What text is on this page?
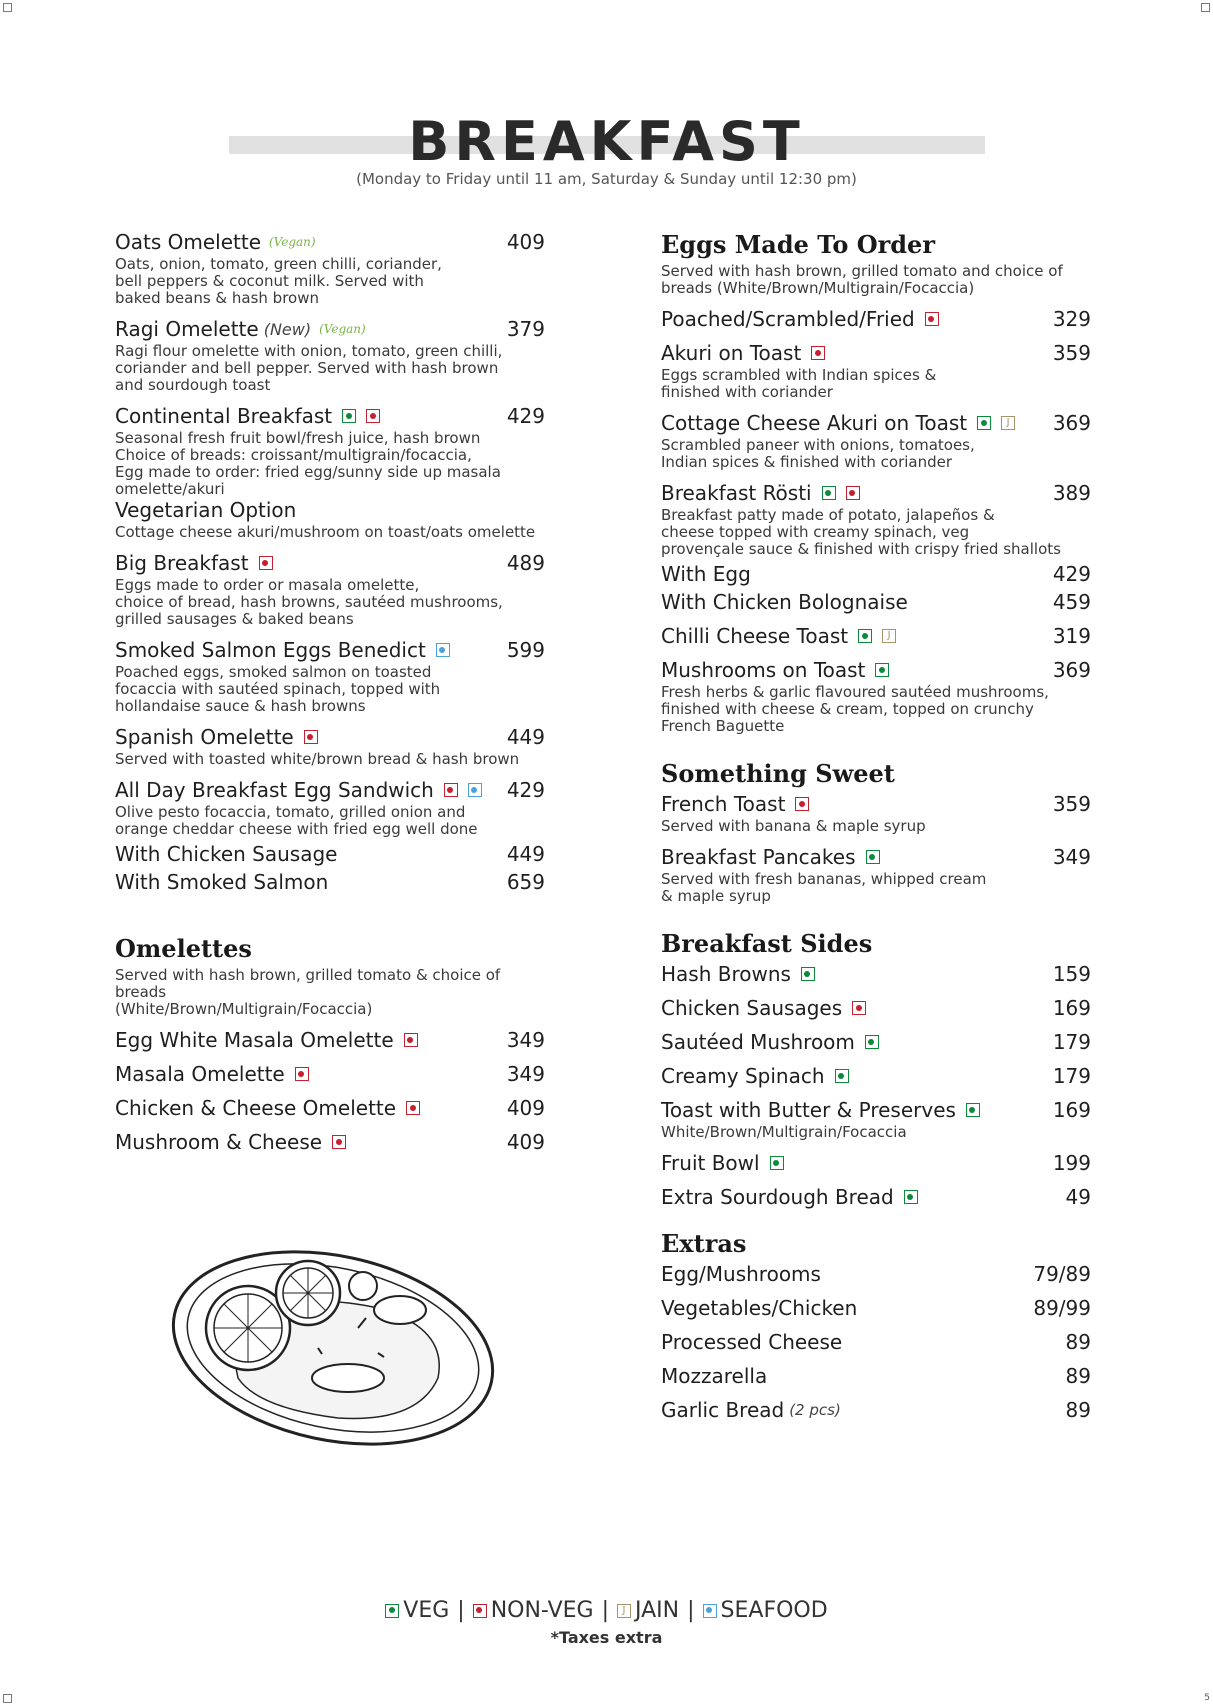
5
BREAKFAST
(Monday to Friday until 11 am, Saturday & Sunday until 12:30 pm)
Oats Omelette (Vegan)	409
Oats, onion, tomato, green chilli, coriander,
bell peppers & coconut milk. Served with
baked beans & hash brown
Ragi Omelette (New) (Vegan)	379
Ragi flour omelette with onion, tomato, green chilli,
coriander and bell pepper. Served with hash brown
and sourdough toast
Continental Breakfast	429
Seasonal fresh fruit bowl/fresh juice, hash brown
Choice of breads: croissant/multigrain/focaccia,
Egg made to order: fried egg/sunny side up masala
omelette/akuri
Vegetarian Option
Cottage cheese akuri/mushroom on toast/oats omelette
Big Breakfast	489
Eggs made to order or masala omelette,
choice of bread, hash browns, sautéed mushrooms,
grilled sausages & baked beans
Smoked Salmon Eggs Benedict	599
Poached eggs, smoked salmon on toasted
focaccia with sautéed spinach, topped with
hollandaise sauce & hash browns
Spanish Omelette	449
Served with toasted white/brown bread & hash brown
All Day Breakfast Egg Sandwich	429
Olive pesto focaccia, tomato, grilled onion and
orange cheddar cheese with fried egg well done
With Chicken Sausage	449
With Smoked Salmon	659
Omelettes
Served with hash brown, grilled tomato & choice of breads
(White/Brown/Multigrain/Focaccia)
Egg White Masala Omelette	349
Masala Omelette	349
Chicken & Cheese Omelette	409
Mushroom & Cheese	409
Eggs Made To Order
Served with hash brown, grilled tomato and choice of
breads (White/Brown/Multigrain/Focaccia)
Poached/Scrambled/Fried	329
Akuri on Toast	359
Eggs scrambled with Indian spices &
finished with coriander
Cottage Cheese Akuri on Toast	J 369
Scrambled paneer with onions, tomatoes,
Indian spices & finished with coriander
Breakfast Rösti	389
Breakfast patty made of potato, jalapeños &
cheese topped with creamy spinach, veg
provençale sauce & finished with crispy fried shallots
With Egg	429
With Chicken Bolognaise	459
Chilli Cheese Toast	J	319
Mushrooms on Toast	369
Fresh herbs & garlic flavoured sautéed mushrooms,
finished with cheese & cream, topped on crunchy
French Baguette
Something Sweet
French Toast	359
Served with banana & maple syrup
Breakfast Pancakes	349
Served with fresh bananas, whipped cream
& maple syrup
Breakfast Sides
Hash Browns	159
Chicken Sausages	169
Sautéed Mushroom	179
Creamy Spinach	179
Toast with Butter & Preserves	169
White/Brown/Multigrain/Focaccia
Fruit Bowl	199
Extra Sourdough Bread	49
Extras
Egg/Mushrooms	79/89
Vegetables/Chicken	89/99
Processed Cheese	89
Mozzarella	89
Garlic Bread (2 pcs)	89
VEG | NON-VEG |	J JAIN | SEAFOOD
*Taxes extra
